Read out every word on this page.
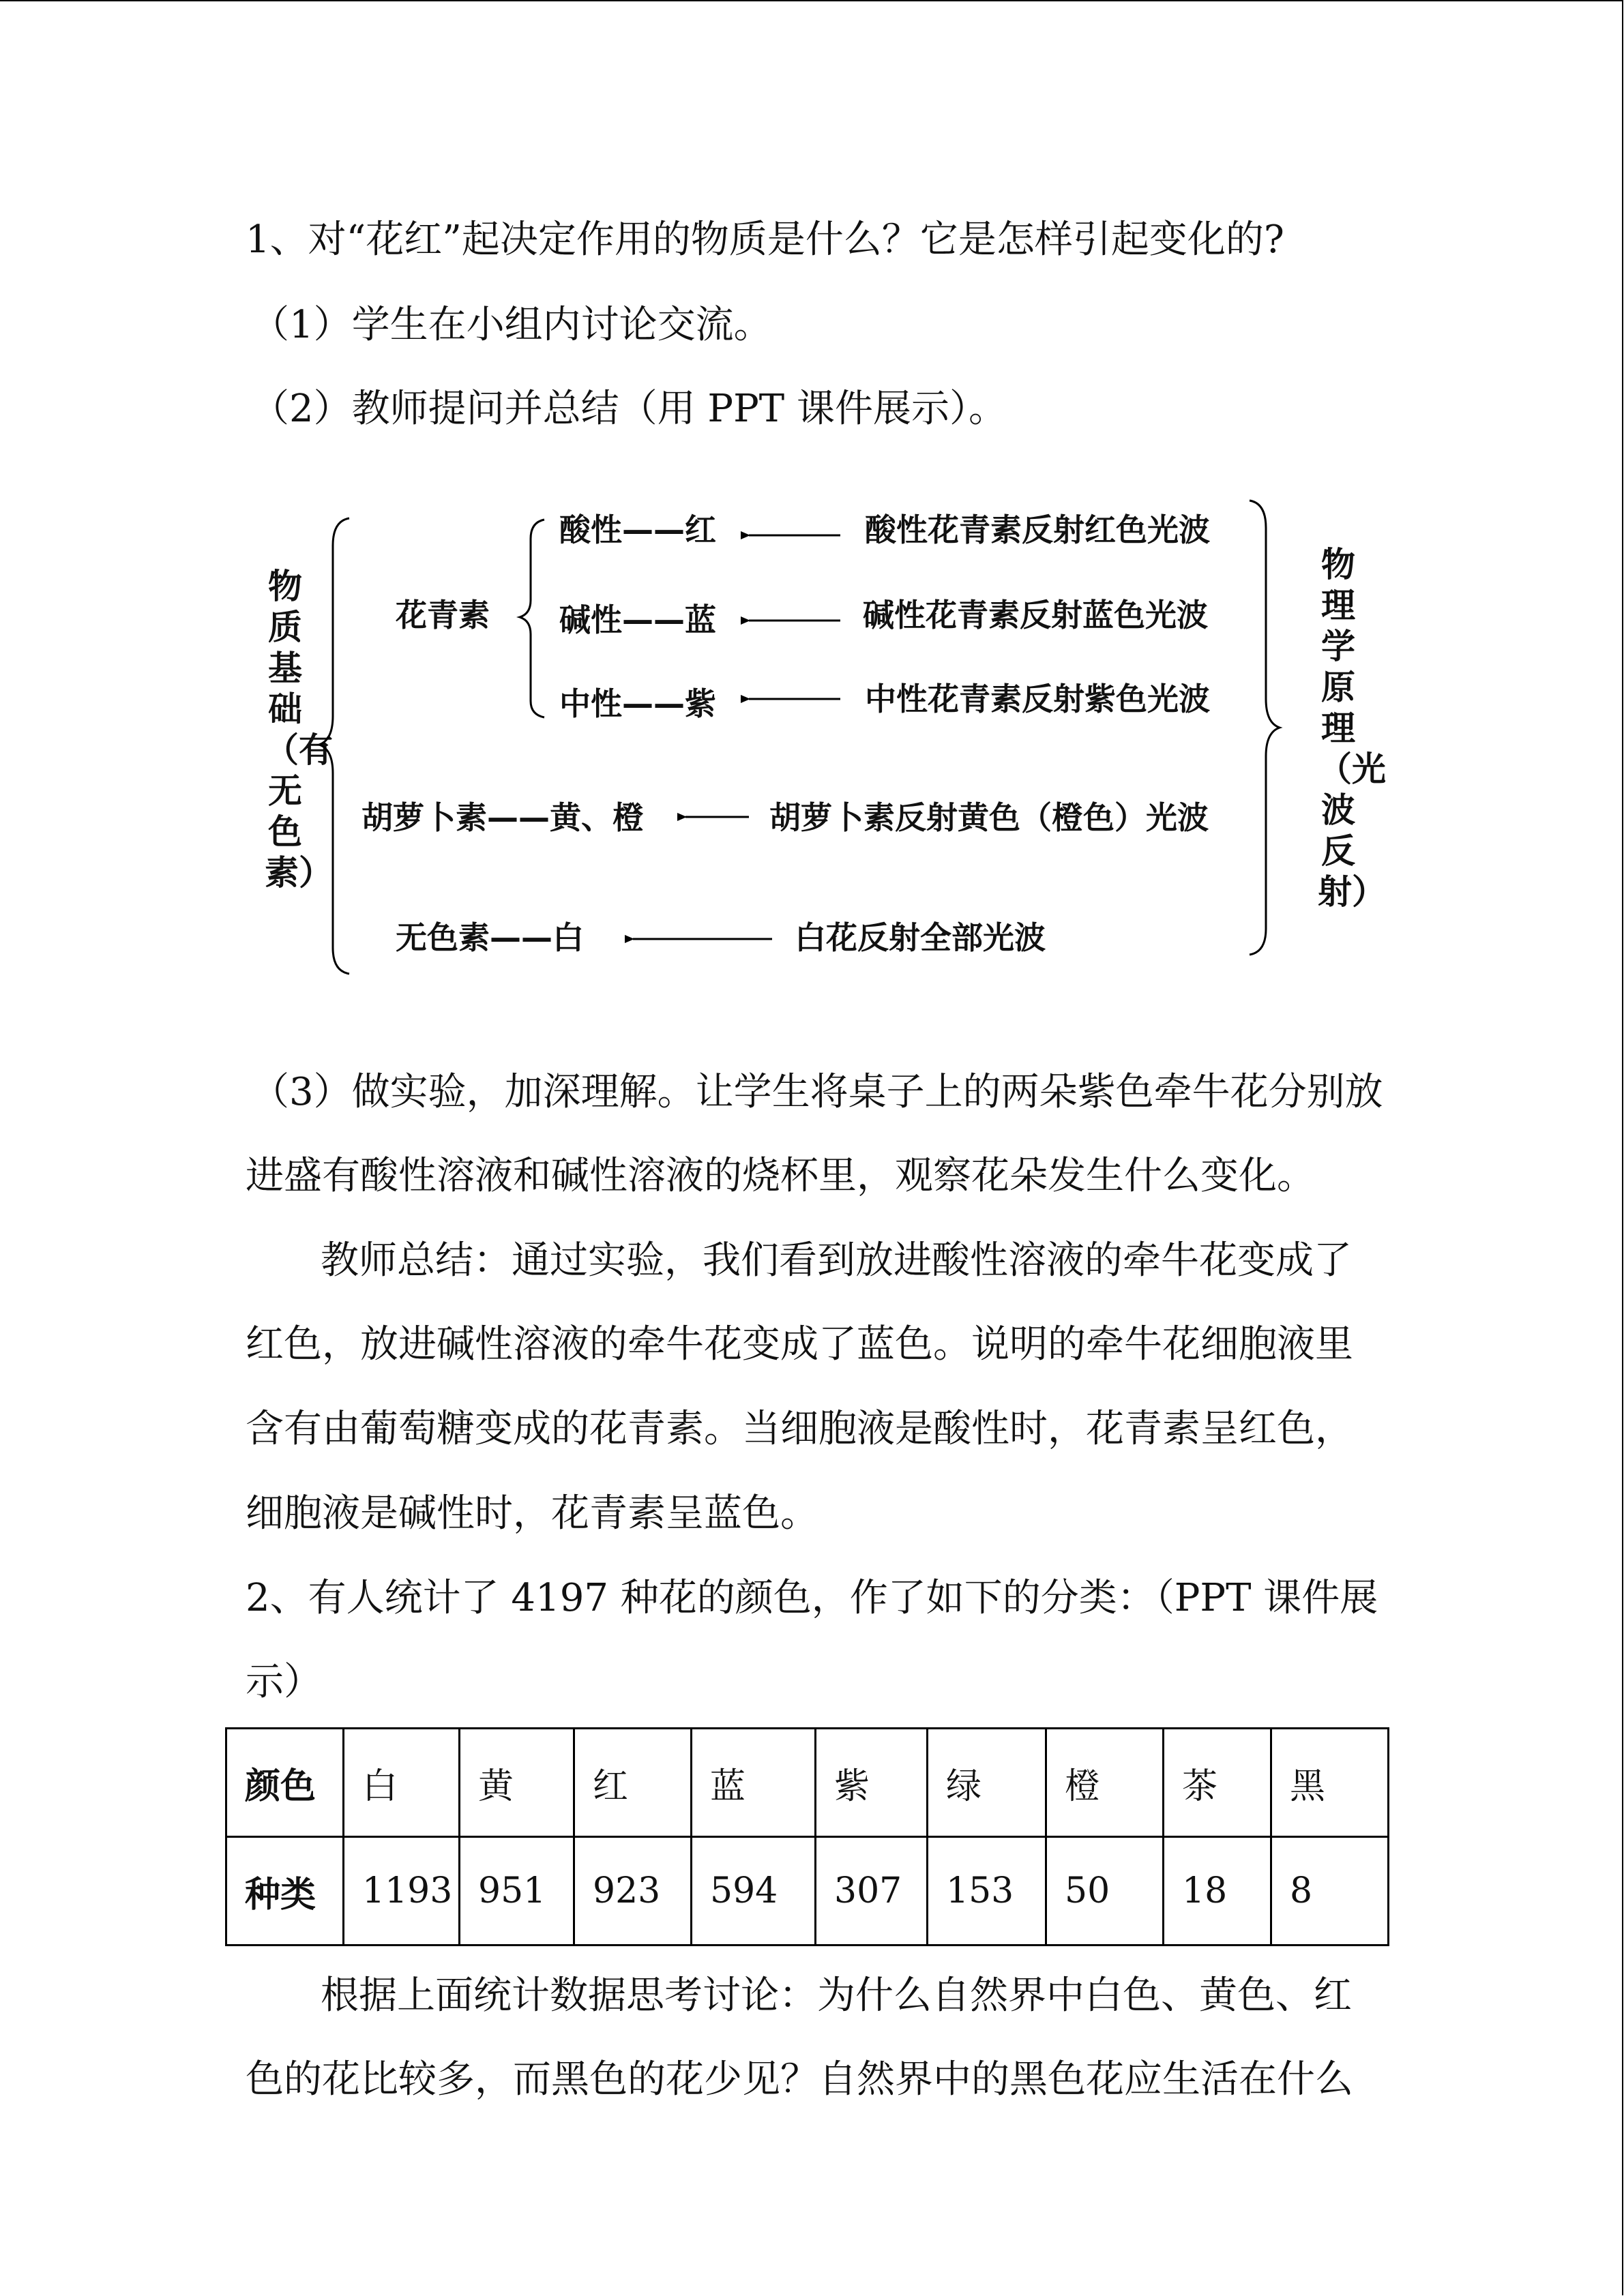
1、对“花红”起决定作用的物质是什么？它是怎样引起变化的?
（1）学生在小组内讨论交流。
（2）教师提问并总结（用 PPT 课件展示）。
物质基础（有无色素）
物理学原理（光波反射）
花青素
酸性——红
碱性——蓝
中性——紫
酸性花青素反射红色光波
碱性花青素反射蓝色光波
中性花青素反射紫色光波
胡萝卜素——黄、橙	胡萝卜素反射黄色（橙色）光波
无色素——白	白花反射全部光波
（3）做实验，加深理解。让学生将桌子上的两朵紫色牵牛花分别放
进盛有酸性溶液和碱性溶液的烧杯里，观察花朵发生什么变化。
教师总结：通过实验，我们看到放进酸性溶液的牵牛花变成了
红色，放进碱性溶液的牵牛花变成了蓝色。说明的牵牛花细胞液里
含有由葡萄糖变成的花青素。当细胞液是酸性时，花青素呈红色，
细胞液是碱性时，花青素呈蓝色。
2、有人统计了 4197 种花的颜色，作了如下的分类：（PPT 课件展
示）
颜色	白	黄	红	蓝	紫	绿	橙	茶	黑
种类	1193	951	923	594	307	153	50	18	8
根据上面统计数据思考讨论：为什么自然界中白色、黄色、红
色的花比较多，而黑色的花少见？自然界中的黑色花应生活在什么
